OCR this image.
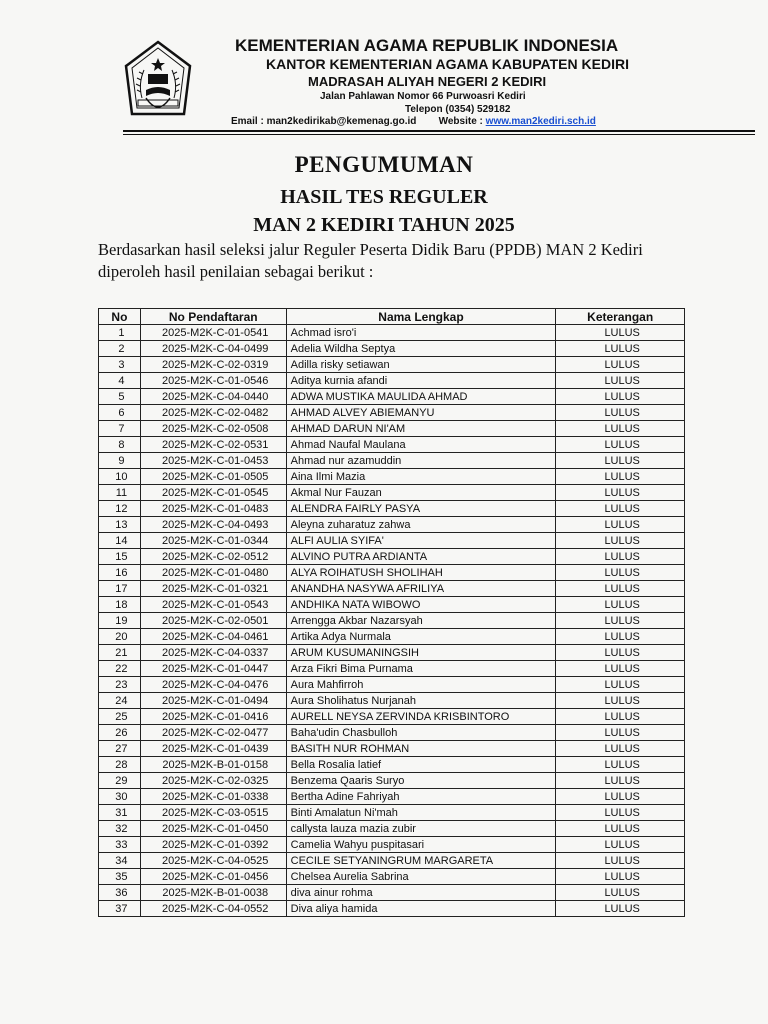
KEMENTERIAN AGAMA REPUBLIK INDONESIA
KANTOR KEMENTERIAN AGAMA KABUPATEN KEDIRI
MADRASAH ALIYAH NEGERI 2 KEDIRI
Jalan Pahlawan Nomor 66 Purwoasri Kediri
Telepon (0354) 529182
Email : man2kedirikab@kemenag.go.id Website : www.man2kediri.sch.id
PENGUMUMAN
HASIL TES REGULER
MAN 2 KEDIRI TAHUN 2025
Berdasarkan hasil seleksi jalur Reguler Peserta Didik Baru (PPDB) MAN 2 Kediri diperoleh hasil penilaian sebagai berikut :
No	No Pendaftaran	Nama Lengkap	Keterangan
1	2025-M2K-C-01-0541	Achmad isro'i	LULUS
2	2025-M2K-C-04-0499	Adelia Wildha Septya	LULUS
3	2025-M2K-C-02-0319	Adilla risky setiawan	LULUS
4	2025-M2K-C-01-0546	Aditya kurnia afandi	LULUS
5	2025-M2K-C-04-0440	ADWA MUSTIKA MAULIDA AHMAD	LULUS
6	2025-M2K-C-02-0482	AHMAD ALVEY ABIEMANYU	LULUS
7	2025-M2K-C-02-0508	AHMAD DARUN NI'AM	LULUS
8	2025-M2K-C-02-0531	Ahmad Naufal Maulana	LULUS
9	2025-M2K-C-01-0453	Ahmad nur azamuddin	LULUS
10	2025-M2K-C-01-0505	Aina Ilmi Mazia	LULUS
11	2025-M2K-C-01-0545	Akmal Nur Fauzan	LULUS
12	2025-M2K-C-01-0483	ALENDRA FAIRLY PASYA	LULUS
13	2025-M2K-C-04-0493	Aleyna zuharatuz zahwa	LULUS
14	2025-M2K-C-01-0344	ALFI AULIA SYIFA'	LULUS
15	2025-M2K-C-02-0512	ALVINO PUTRA ARDIANTA	LULUS
16	2025-M2K-C-01-0480	ALYA ROIHATUSH SHOLIHAH	LULUS
17	2025-M2K-C-01-0321	ANANDHA NASYWA AFRILIYA	LULUS
18	2025-M2K-C-01-0543	ANDHIKA NATA WIBOWO	LULUS
19	2025-M2K-C-02-0501	Arrengga Akbar Nazarsyah	LULUS
20	2025-M2K-C-04-0461	Artika Adya Nurmala	LULUS
21	2025-M2K-C-04-0337	ARUM KUSUMANINGSIH	LULUS
22	2025-M2K-C-01-0447	Arza Fikri Bima Purnama	LULUS
23	2025-M2K-C-04-0476	Aura Mahfirroh	LULUS
24	2025-M2K-C-01-0494	Aura Sholihatus Nurjanah	LULUS
25	2025-M2K-C-01-0416	AURELL NEYSA ZERVINDA KRISBINTORO	LULUS
26	2025-M2K-C-02-0477	Baha'udin Chasbulloh	LULUS
27	2025-M2K-C-01-0439	BASITH NUR ROHMAN	LULUS
28	2025-M2K-B-01-0158	Bella Rosalia latief	LULUS
29	2025-M2K-C-02-0325	Benzema Qaaris Suryo	LULUS
30	2025-M2K-C-01-0338	Bertha Adine Fahriyah	LULUS
31	2025-M2K-C-03-0515	Binti Amalatun Ni'mah	LULUS
32	2025-M2K-C-01-0450	callysta lauza mazia zubir	LULUS
33	2025-M2K-C-01-0392	Camelia Wahyu puspitasari	LULUS
34	2025-M2K-C-04-0525	CECILE SETYANINGRUM MARGARETA	LULUS
35	2025-M2K-C-01-0456	Chelsea Aurelia Sabrina	LULUS
36	2025-M2K-B-01-0038	diva ainur rohma	LULUS
37	2025-M2K-C-04-0552	Diva aliya hamida	LULUS
